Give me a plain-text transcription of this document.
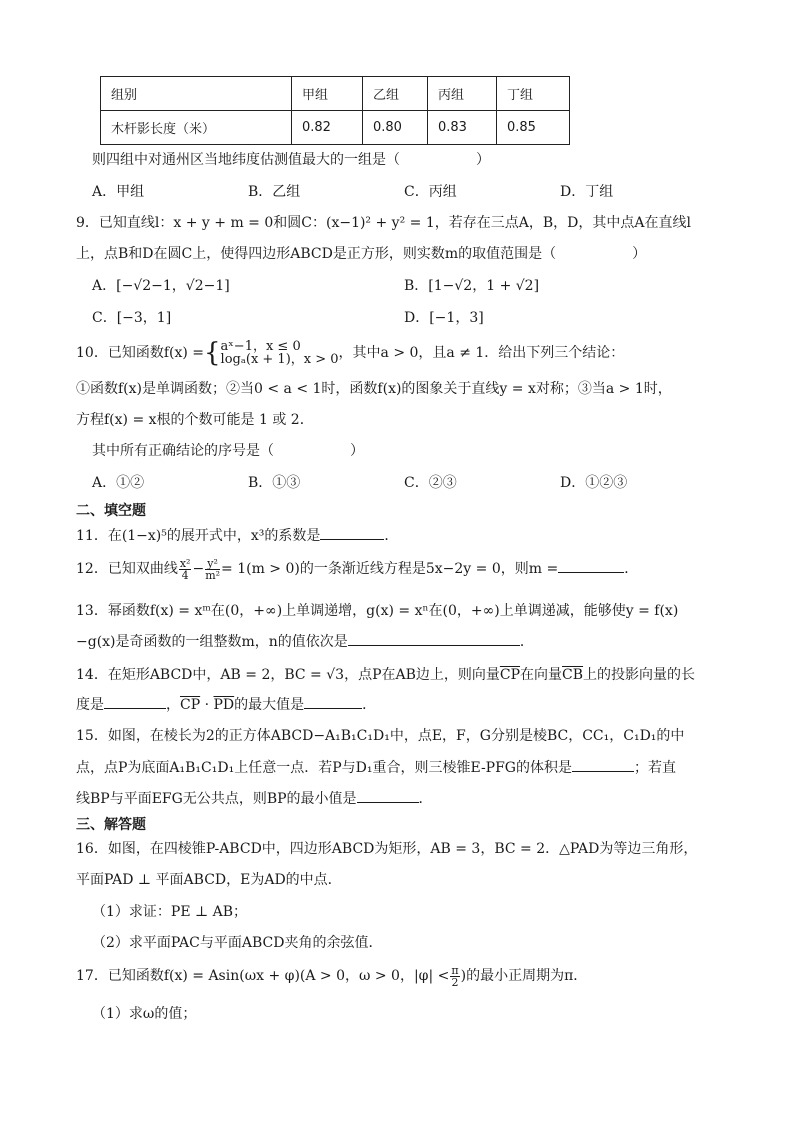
组别	甲组	乙组	丙组	丁组
木杆影长度（米）	0.82	0.80	0.83	0.85
则四组中对通州区当地纬度估测值最大的一组是（	）
A．甲组	B．乙组	C．丙组	D．丁组
9．已知直线l：x + y + m = 0和圆C：(x−1)² + y² = 1，若存在三点A，B，D，其中点A在直线l
上，点B和D在圆C上，使得四边形ABCD是正方形，则实数m的取值范围是（	）
A．[−√2−1，√2−1]	B．[1−√2，1 + √2]
C．[−3，1]	D．[−1，3]
10．已知函数f(x) ={ aˣ−1，x ≤ 0
logₐ(x + 1)，x > 0 ，其中a > 0，且a ≠ 1．给出下列三个结论：
①函数f(x)是单调函数；②当0 < a < 1时，函数f(x)的图象关于直线y = x对称；③当a > 1时，
方程f(x) = x根的个数可能是 1 或 2．
其中所有正确结论的序号是（	）
A．①②	B．①③	C．②③	D．①②③
二、填空题
11．在(1−x)⁵的展开式中，x³的系数是	．
12．已知双曲线 $\frac{\text{x²}}{4} - \frac{\text{y²}}{\text{m²}} = 1(m > 0)$的一条渐近线方程是5x−2y = 0，则m =	．
13．幂函数f(x) = xᵐ在(0，+∞)上单调递增，g(x) = xⁿ在(0，+∞)上单调递减，能够使y = f(x)
−g(x)是奇函数的一组整数m，n的值依次是	．
14．在矩形ABCD中，AB = 2，BC = √3，点P在AB边上，则向量$\overline{CP}$在向量$\overline{CB}$上的投影向量的长
度是	，$\overline{CP} \cdot \overline{PD}$的最大值是	．
15．如图，在棱长为2的正方体ABCD−A₁B₁C₁D₁中，点E，F，G分别是棱BC，CC₁，C₁D₁的中
点，点P为底面A₁B₁C₁D₁上任意一点．若P与D₁重合，则三棱锥E-PFG的体积是	；若直
线BP与平面EFG无公共点，则BP的最小值是	．
三、解答题
16．如图，在四棱锥P-ABCD中，四边形ABCD为矩形，AB = 3，BC = 2．△PAD为等边三角形，
平面PAD ⊥ 平面ABCD，E为AD的中点．
（1）求证：PE ⊥ AB；
（2）求平面PAC与平面ABCD夹角的余弦值．
17．已知函数f(x) = Asin(ωx + φ)(A > 0，ω > 0，$|\varphi| < \frac{\pi}{2}$ )的最小正周期为π．
（1）求ω的值；
